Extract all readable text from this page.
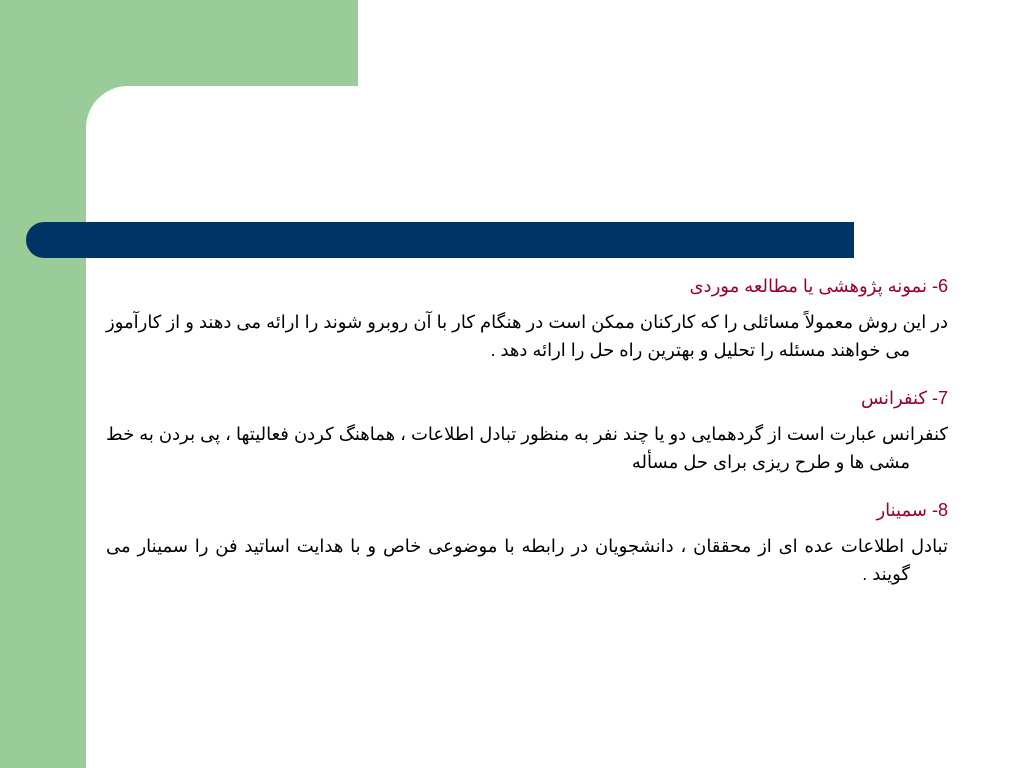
6- نمونه پژوهشی یا مطالعه موردی

در این روش معمولاً مسائلی را که کارکنان ممکن است در هنگام کار با آن روبرو شوند را ارائه می دهند و از کارآموز می خواهند مسئله را تحلیل و بهترین راه حل را ارائه دهد .

7- کنفرانس

کنفرانس عبارت است از گردهمایی دو یا چند نفر به منظور تبادل اطلاعات ، هماهنگ کردن فعالیتها ، پی بردن به خط مشی ها و طرح ریزی برای حل مسأله

8- سمینار

تبادل اطلاعات عده ای از محققان ، دانشجویان در رابطه با موضوعی خاص و با هدایت اساتید فن را سمینار می گویند .
